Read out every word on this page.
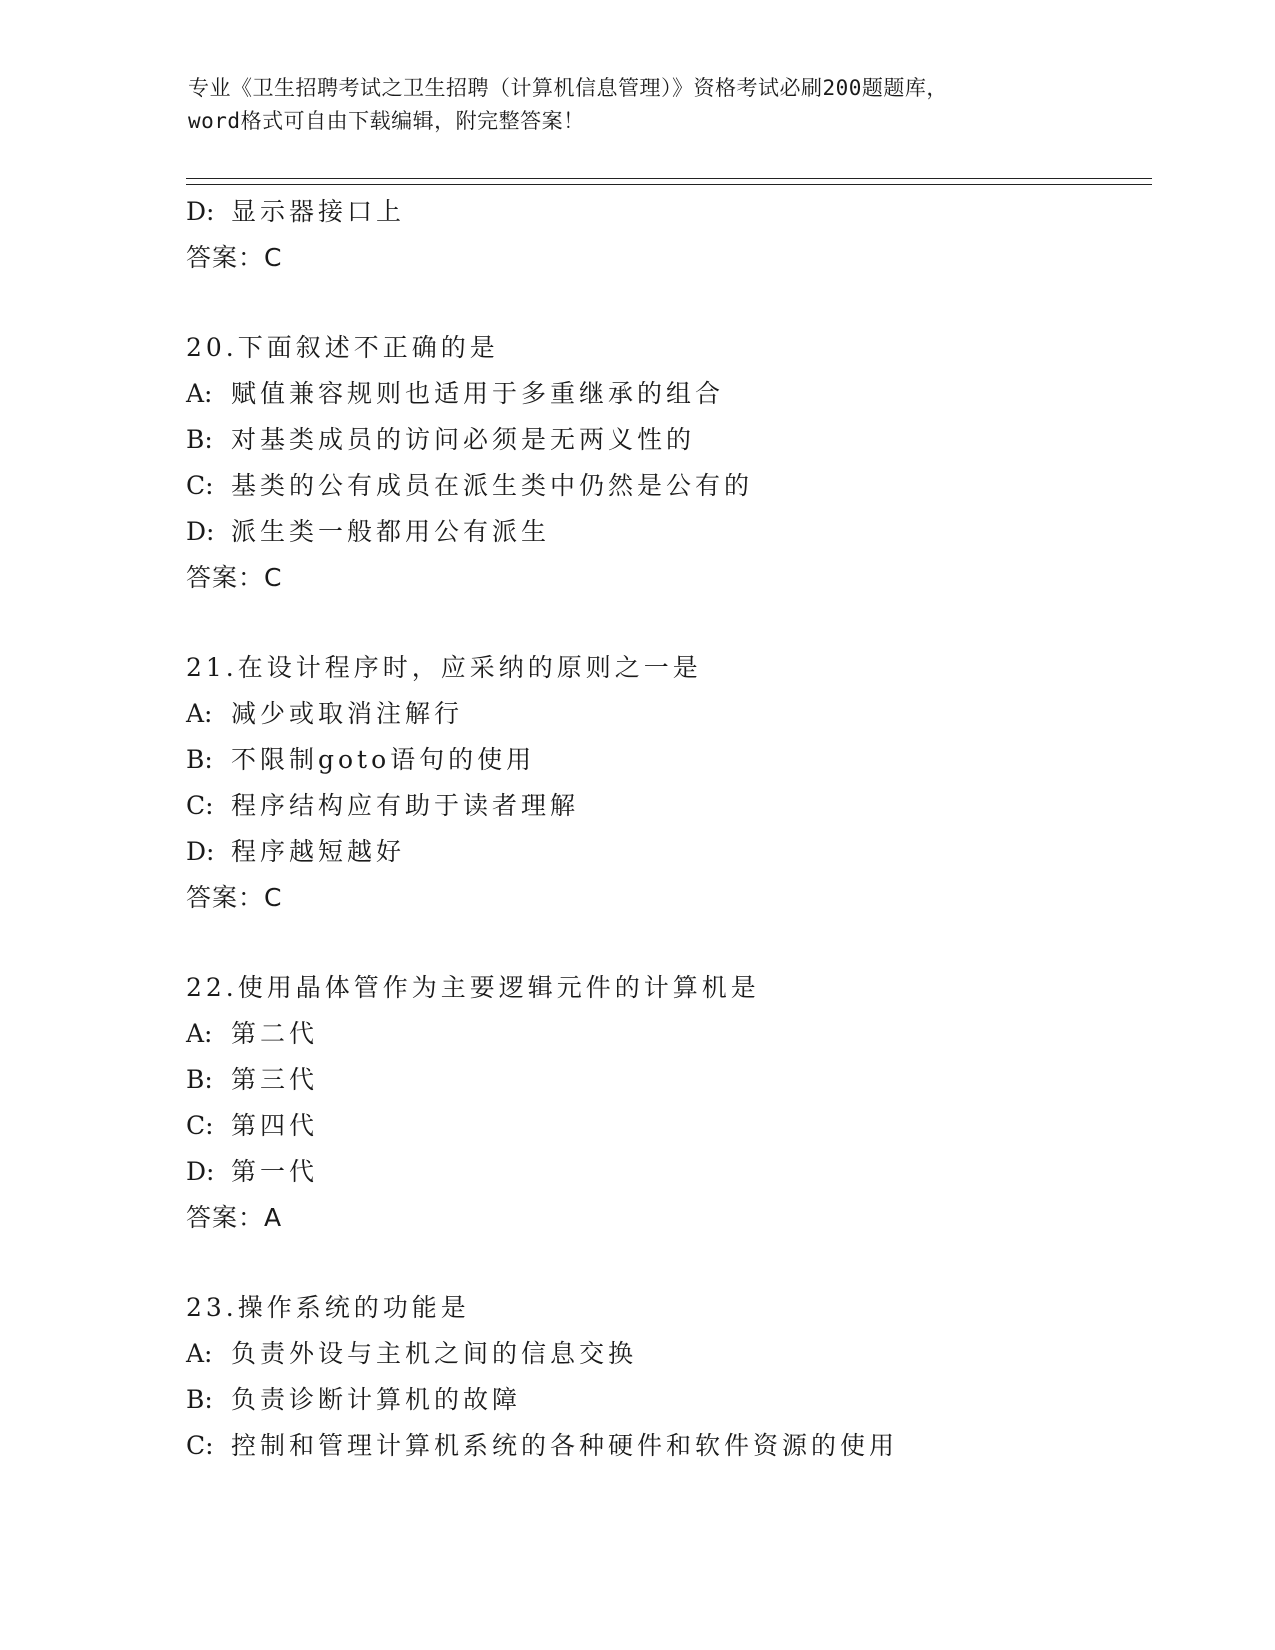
专业《卫生招聘考试之卫生招聘（计算机信息管理）》资格考试必刷200题题库，
word格式可自由下载编辑，附完整答案！
D: 显示器接口上
答案：C
20.下面叙述不正确的是
A: 赋值兼容规则也适用于多重继承的组合
B: 对基类成员的访问必须是无两义性的
C: 基类的公有成员在派生类中仍然是公有的
D: 派生类一般都用公有派生
答案：C
21.在设计程序时，应采纳的原则之一是
A: 减少或取消注解行
B: 不限制goto语句的使用
C: 程序结构应有助于读者理解
D: 程序越短越好
答案：C
22.使用晶体管作为主要逻辑元件的计算机是
A: 第二代
B: 第三代
C: 第四代
D: 第一代
答案：A
23.操作系统的功能是
A: 负责外设与主机之间的信息交换
B: 负责诊断计算机的故障
C: 控制和管理计算机系统的各种硬件和软件资源的使用
